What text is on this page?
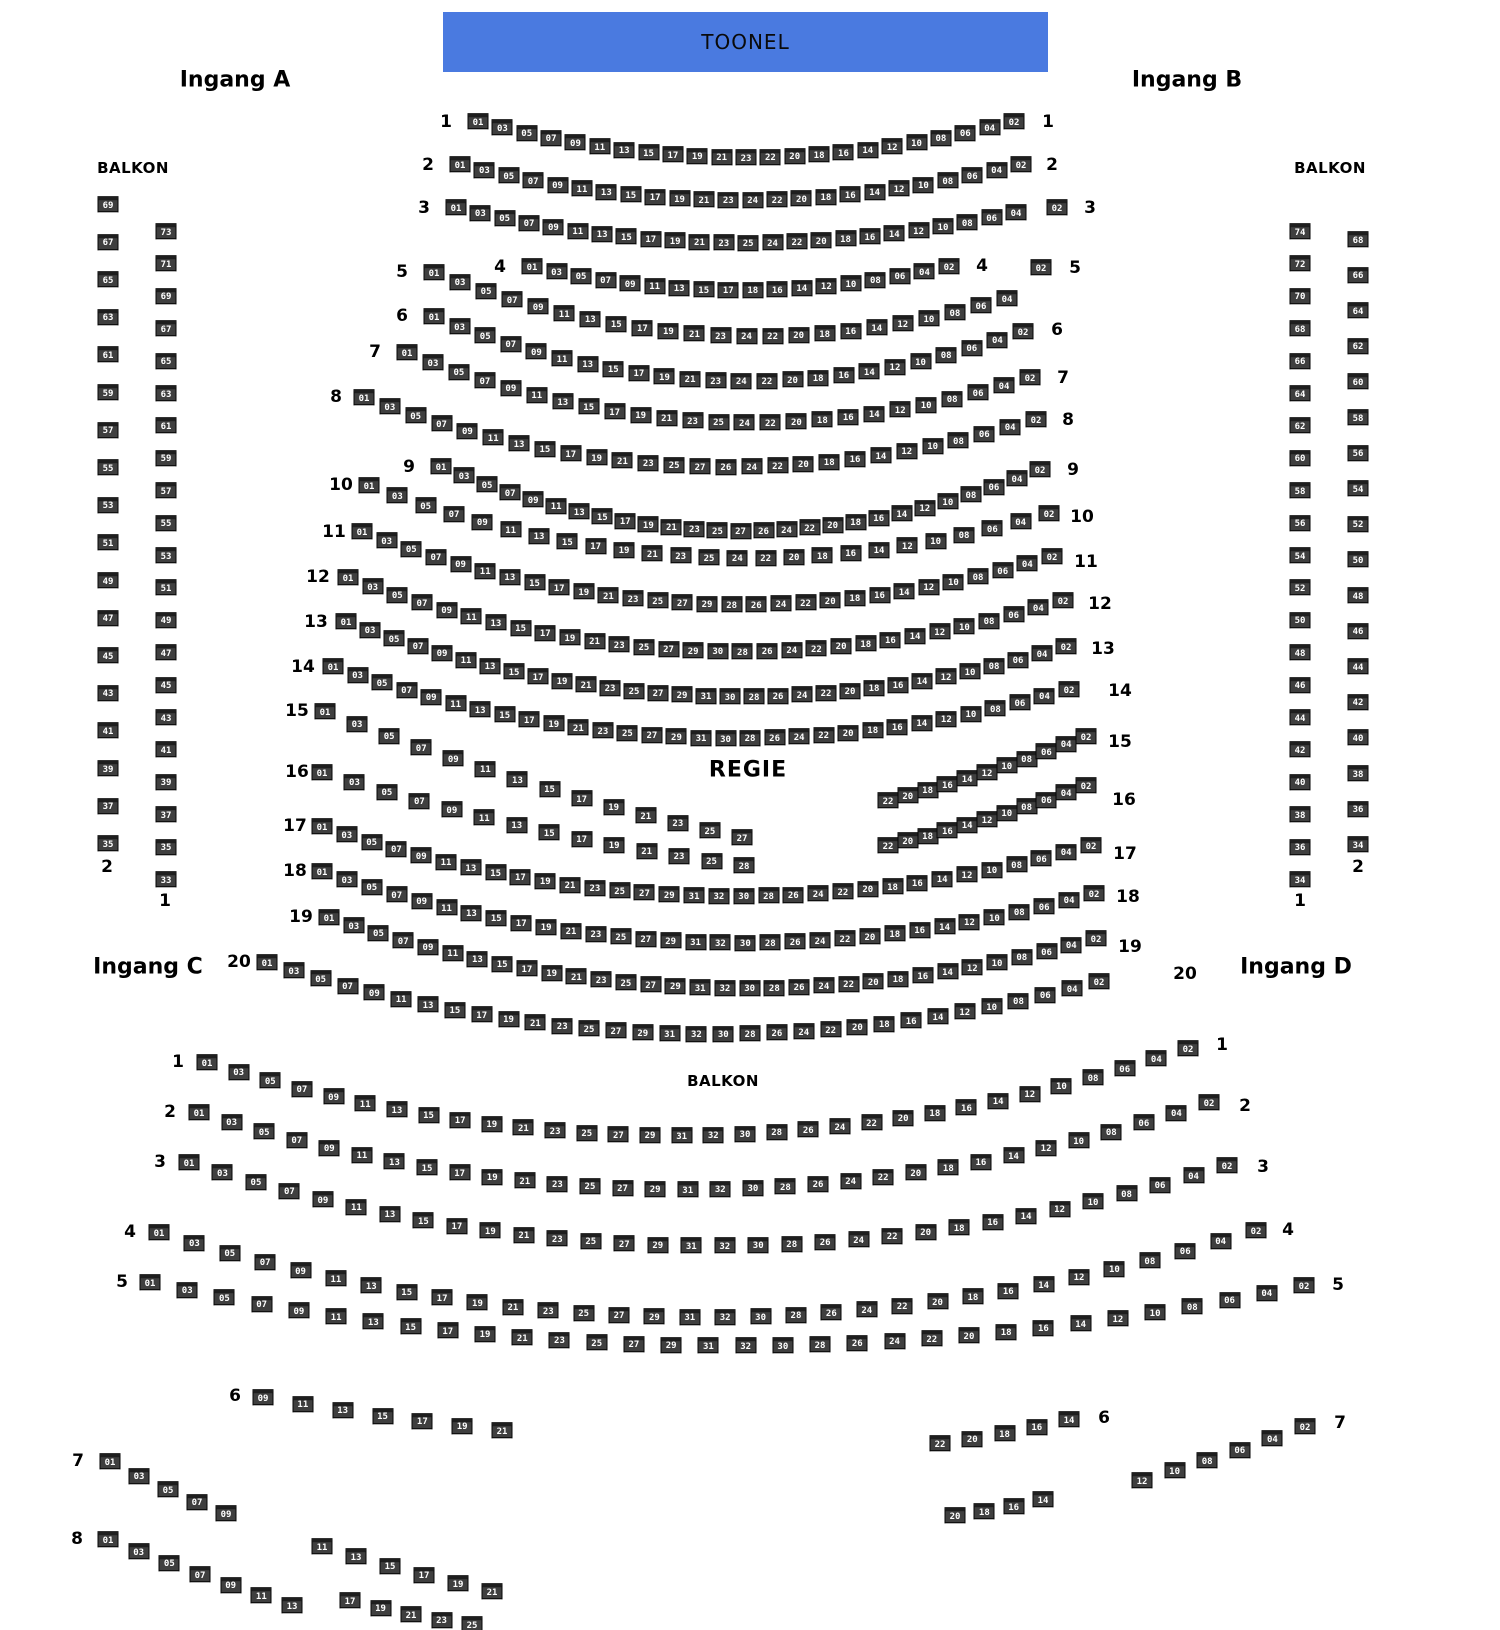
TOONEL
Ingang A	Ingang B
Ingang C	Ingang D
BALKON	BALKON
BALKON
REGIE
1	1
01
03
05
07	09	11	13	15	17	19	21	23	22	20	18	16	14	12	10	08
06
04
02
2	2
01
03
05	07	09	11	13	15	17	19	21	23	24	22	20	18	16	14	12	10	08	06
04
02
3	3
01
03
05	07	09	11	13	15	17	19	21	23	25	24	22	20	18	16	14	12	10	08	06
04	02
4	4
01
03	05	07	09	11	13	15	17	18	16	14	12	10	08	06	04
02
5	5
01
03
05
07
09
11
13	15	17	19	21	23	24	22	20	18	16	14	12
10
08
06
04
02
6
6
01
03
05
07
09
11
13	15	17	19	21	23	24	22	20	18	16	14	12
10
08
06
04
02
7
7
01
03
05
07
09
11
13
15	17	19	21	23	25	24	22	20	18	16	14	12	10
08
06
04
02
8
8
01
03
05
07
09
11
13
15	17	19	21	23	25	27	26	24	22	20	18	16	14	12	10
08
06
04
02
9	9
01
03
05
07
09
11
13	15	17	19	21	23	25	27	26	24	22	20	18	16	14
12
10
08
06
04
02
10
10
01
03
05
07
09
11
13
15	17	19	21	23	25	24	22	20	18	16	14	12	10
08
06
04
02
11
11
01
03
05
07
09
11
13
15	17	19	21	23	25	27	29	28	26	24	22	20	18	16	14	12	10
08
06
04
02
12
12
01
03
05
07
09
11
13
15	17	19	21	23	25	27	29	30	28	26	24	22	20	18	16	14	12
10
08
06
04
02
13
13
01
03
05
07
09
11
13
15	17	19	21	23	25	27	29	31	30	28	26	24	22	20	18	16	14	12	10
08
06
04
02
14
14
01
03
05
07
09
11
13
15	17	19	21	23	25	27	29	31	30	28	26	24	22	20	18	16	14	12	10
08
06
04
02
15
15
01
03
05
07
09
11
13
15
17
19
21
23
25
27
22 20
18
16
14
12
10
08
06
04
02
16
16
01
03
05
07
09
11
13
15
17
19
21
23	25	28
22 20 18
16
14
12
10
08
06
04
02
17
17
01
03
05
07
09
11
13
15	17	19	21	23	25	27	29	31	32	30	28	26	24	22	20	18	16	14	12	10
08
06
04
02
18
18
01
03
05
07
09
11
13
15	17	19	21	23	25	27	29	31	32	30	28	26	24	22	20	18	16	14	12	10
08
06
04
02
19
19
01
03
05
07
09
11
13
15	17	19	21	23	25	27	29	31	32	30	28	26	24	22	20	18	16	14	12	10
08
06
04
02
20
20
01
03
05
07
09
11
13
15	17	19	21	23	25	27	29	31	32	30	28	26	24	22	20	18	16	14	12
10
08
06
04
02
1
1
01
03
05
07
09
11
13
15	17	19	21	23	25	27	29	31	32	30	28	26	24	22	20
18
16
14
12
10
08
06
04
02
2	2
01
03
05
07
09
11
13
15
17	19	21	23	25	27	29	31	32	30	28	26	24	22	20
18
16
14
12
10
08
06
04
02
3	3
01
03
05
07
09
11
13
15
17	19	21	23	25	27	29	31	32	30	28	26	24	22	20	18
16
14
12
10
08
06
04
02
4	4
01
03
05
07
09
11
13
15
17	19	21	23	25	27	29	31	32	30	28	26	24	22	20
18
16
14
12
10
08
06
04
02
5	5
01
03
05
07
09
11
13	15	17	19	21	23	25	27	29	31	32	30	28	26	24	22	20	18	16	14
12
10
08
06
04
02
6
6
09
11
13
15
17	19	21
22	20
18
16
14
7
7
01
03
05
07
09
11
13
15
17
19
21
12
10
08
06
04
02
8	01
03
05
07
09
11
13	17
19
21
23	25
20	18
16
14
69
67
65
63
61
59
57
55
53
51
49
47
45
43
41
39
37
35
2
73
71
69
67
65
63
61
59
57
55
53
51
49
47
45
43
41
39
37
35
33
1
74
72
70
68
66
64
62
60
58
56
54
52
50
48
46
44
42
40
38
36
34
1
68
66
64
62
60
58
56
54
52
50
48
46
44
42
40
38
36
34
2
